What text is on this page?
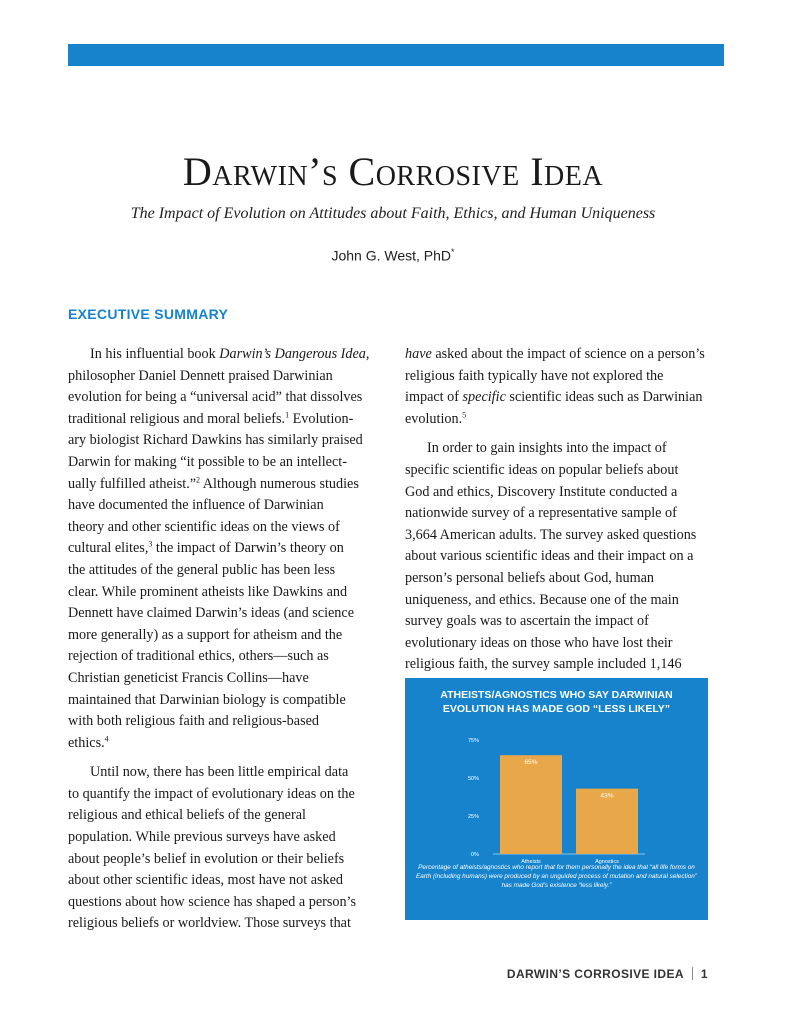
Darwin’s Corrosive Idea
The Impact of Evolution on Attitudes about Faith, Ethics, and Human Uniqueness
John G. West, PhD*
EXECUTIVE SUMMARY
In his influential book Darwin’s Dangerous Idea,
philosopher Daniel Dennett praised Darwinian
evolution for being a “universal acid” that dissolves
traditional religious and moral beliefs.$^1$ Evolution-
ary biologist Richard Dawkins has similarly praised
Darwin for making “it possible to be an intellect-
ually fulfilled atheist.”$^2$ Although numerous studies
have documented the influence of Darwinian
theory and other scientific ideas on the views of
cultural elites,$^3$ the impact of Darwin’s theory on
the attitudes of the general public has been less
clear. While prominent atheists like Dawkins and
Dennett have claimed Darwin’s ideas (and science
more generally) as a support for atheism and the
rejection of traditional ethics, others—such as
Christian geneticist Francis Collins—have
maintained that Darwinian biology is compatible
with both religious faith and religious-based
ethics.$^4$
Until now, there has been little empirical data
to quantify the impact of evolutionary ideas on the
religious and ethical beliefs of the general
population. While previous surveys have asked
about people’s belief in evolution or their beliefs
about other scientific ideas, most have not asked
questions about how science has shaped a person’s
religious beliefs or worldview. Those surveys that
have asked about the impact of science on a person’s
religious faith typically have not explored the
impact of specific scientific ideas such as Darwinian
evolution.$^5$
In order to gain insights into the impact of
specific scientific ideas on popular beliefs about
God and ethics, Discovery Institute conducted a
nationwide survey of a representative sample of
3,664 American adults. The survey asked questions
about various scientific ideas and their impact on a
person’s personal beliefs about God, human
uniqueness, and ethics. Because one of the main
survey goals was to ascertain the impact of
evolutionary ideas on those who have lost their
religious faith, the survey sample included 1,146
ATHEISTS/AGNOSTICS WHO SAY DARWINIAN
EVOLUTION HAS MADE GOD “LESS LIKELY”
0%
25%
50%
75%
65%
Atheists
43%
Agnostics
Percentage of atheists/agnostics who report that for them personally the idea that “all life forms on Earth (including humans) were produced by an unguided process of mutation and natural selection” has made God’s existence “less likely.”
DARWIN’S CORROSIVE IDEA 1
